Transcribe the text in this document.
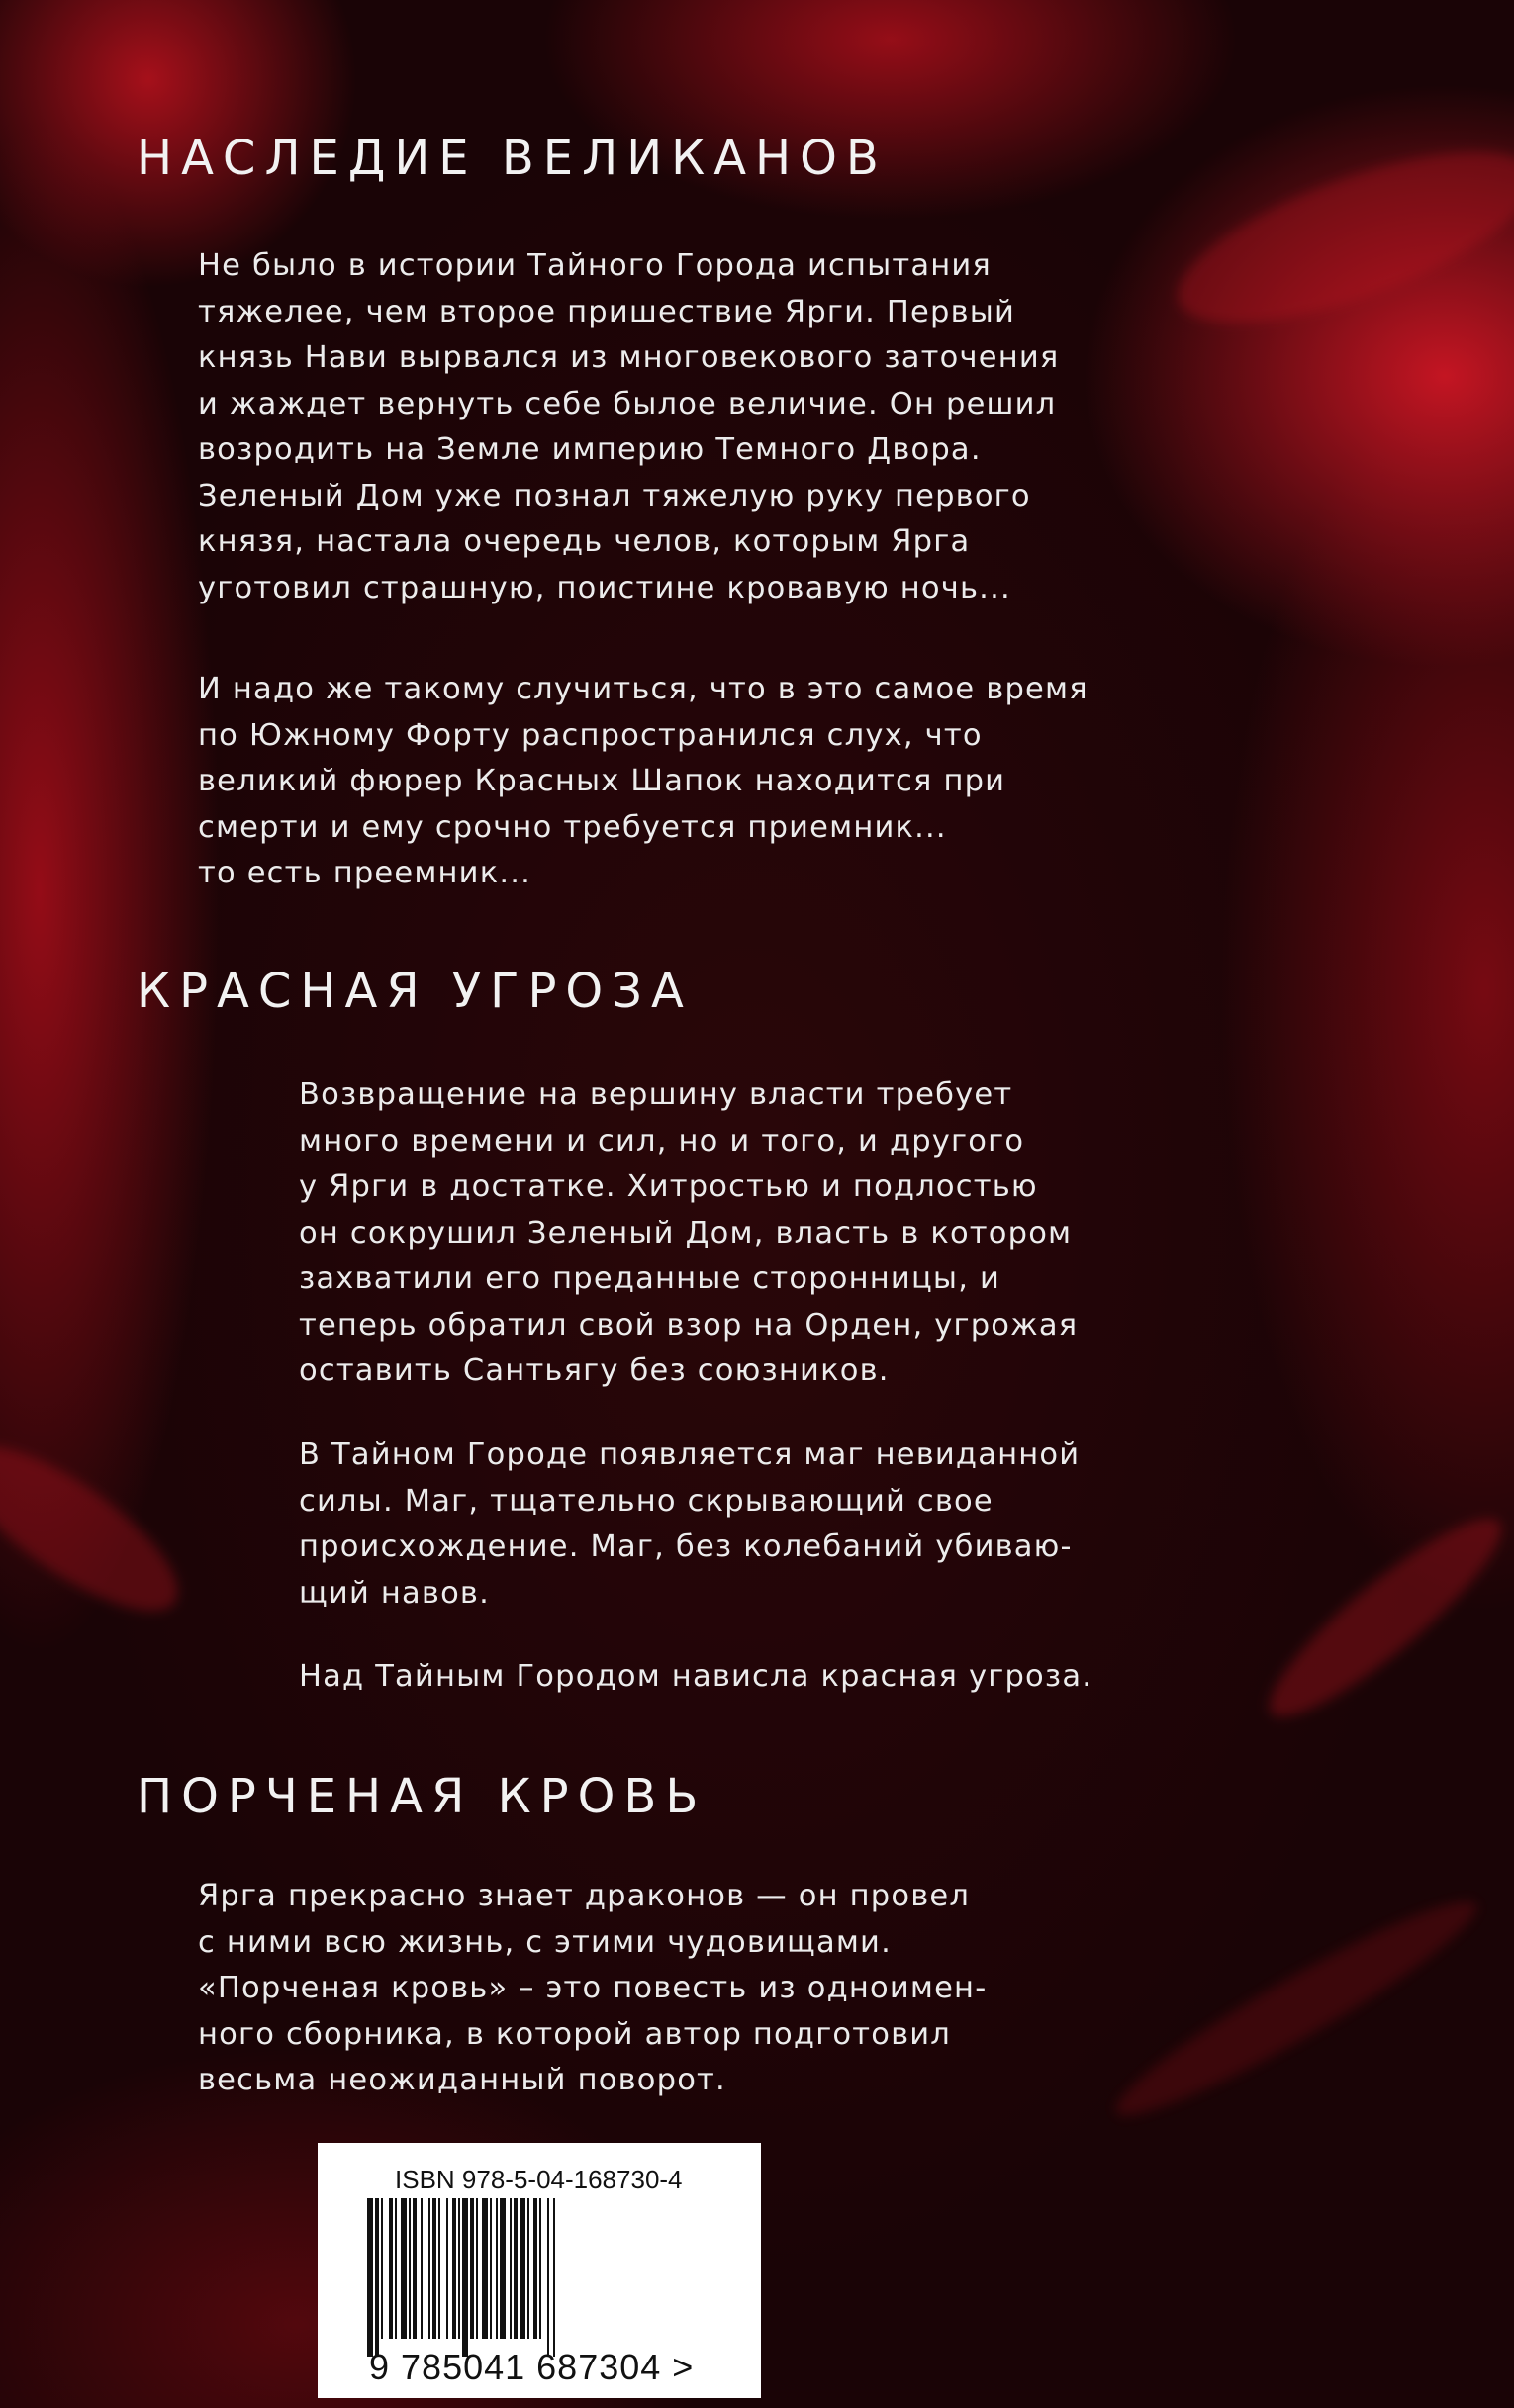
НАСЛЕДИЕ ВЕЛИКАНОВ
Не было в истории Тайного Города испытания
тяжелее, чем второе пришествие Ярги. Первый
князь Нави вырвался из многовекового заточения
и жаждет вернуть себе былое величие. Он решил
возродить на Земле империю Темного Двора.
Зеленый Дом уже познал тяжелую руку первого
князя, настала очередь челов, которым Ярга
уготовил страшную, поистине кровавую ночь...
И надо же такому случиться, что в это самое время
по Южному Форту распространился слух, что
великий фюрер Красных Шапок находится при
смерти и ему срочно требуется приемник...
то есть преемник...
КРАСНАЯ УГРОЗА
Возвращение на вершину власти требует
много времени и сил, но и того, и другого
у Ярги в достатке. Хитростью и подлостью
он сокрушил Зеленый Дом, власть в котором
захватили его преданные сторонницы, и
теперь обратил свой взор на Орден, угрожая
оставить Сантьягу без союзников.
В Тайном Городе появляется маг невиданной
силы. Маг, тщательно скрывающий свое
происхождение. Маг, без колебаний убиваю-
щий навов.
Над Тайным Городом нависла красная угроза.
ПОРЧЕНАЯ КРОВЬ
Ярга прекрасно знает драконов — он провел
с ними всю жизнь, с этими чудовищами.
«Порченая кровь» – это повесть из одноимен-
ного сборника, в которой автор подготовил
весьма неожиданный поворот.
ISBN 978-5-04-168730-4
9 785041 687304 >
